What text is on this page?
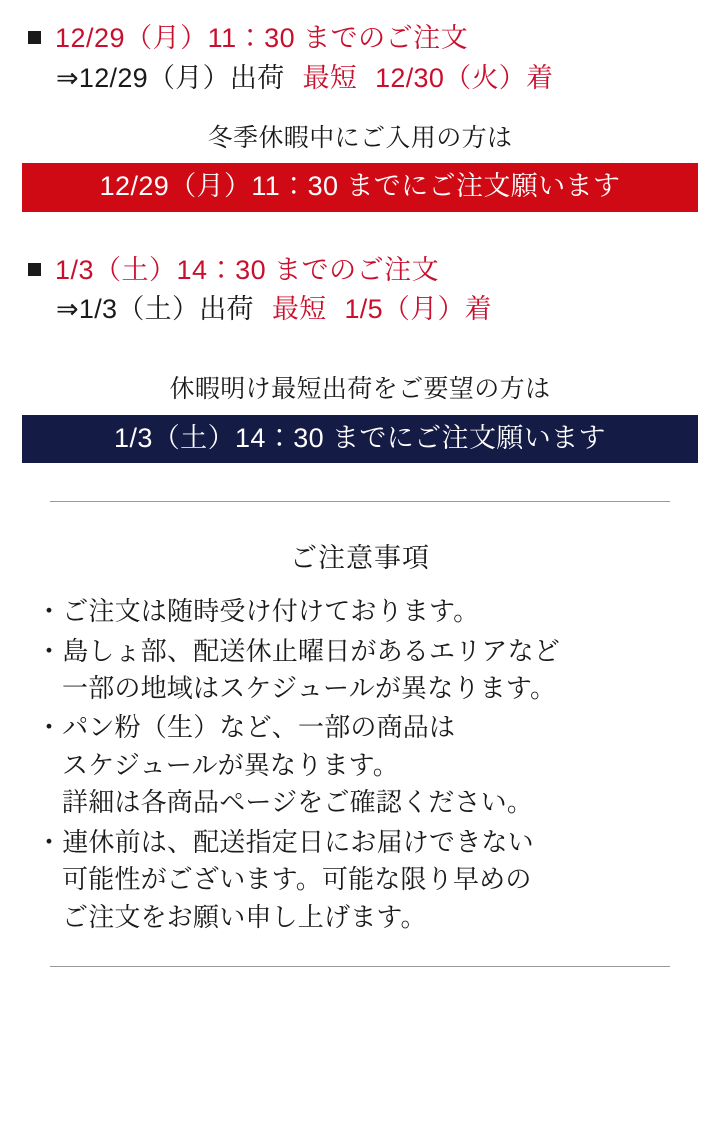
12/29（月）11：30 までのご注文
⇒12/29（月）出荷 最短 12/30（火）着
冬季休暇中にご入用の方は
12/29（月）11：30 までにご注文願います
1/3（土）14：30 までのご注文
⇒1/3（土）出荷 最短 1/5（月）着
休暇明け最短出荷をご要望の方は
1/3（土）14：30 までにご注文願います
ご注意事項
・ご注文は随時受け付けております。
・島しょ部、配送休止曜日があるエリアなど
一部の地域はスケジュールが異なります。
・パン粉（生）など、一部の商品は
スケジュールが異なります。
詳細は各商品ページをご確認ください。
・連休前は、配送指定日にお届けできない
可能性がございます。可能な限り早めの
ご注文をお願い申し上げます。
